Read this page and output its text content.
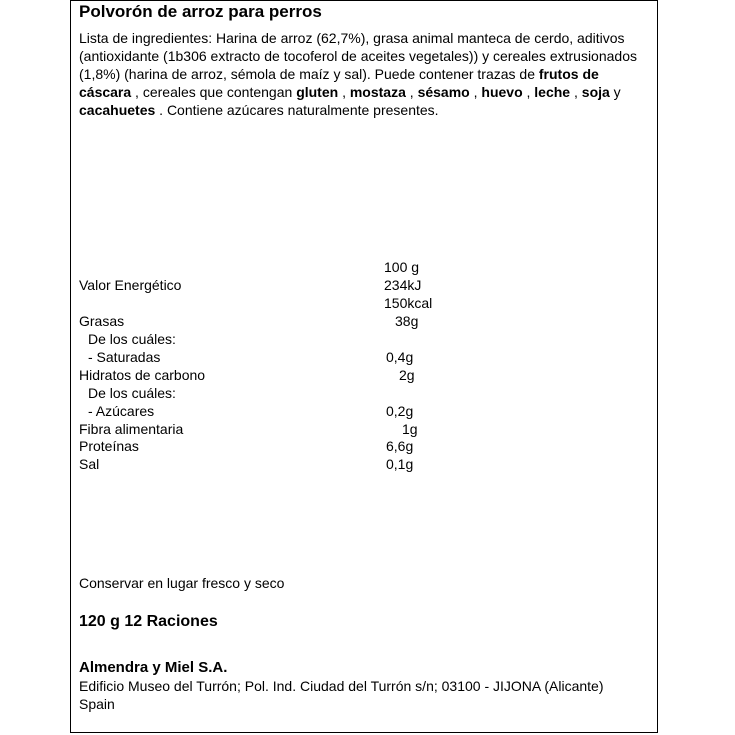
Polvorón de arroz para perros
Lista de ingredientes: Harina de arroz (62,7%), grasa animal manteca de cerdo, aditivos (antioxidante (1b306 extracto de tocoferol de aceites vegetales)) y cereales extrusionados (1,8%) (harina de arroz, sémola de maíz y sal). Puede contener trazas de frutos de cáscara , cereales que contengan gluten , mostaza , sésamo , huevo , leche , soja y cacahuetes . Contiene azúcares naturalmente presentes.
100 g
Valor Energético	234kJ
150kcal
Grasas	38g
De los cuáles:
- Saturadas	0,4g
Hidratos de carbono	2g
De los cuáles:
- Azúcares	0,2g
Fibra alimentaria	1g
Proteínas	6,6g
Sal	0,1g
Conservar en lugar fresco y seco
120 g 12 Raciones
Almendra y Miel S.A.
Edificio Museo del Turrón; Pol. Ind. Ciudad del Turrón s/n; 03100 - JIJONA (Alicante) Spain
